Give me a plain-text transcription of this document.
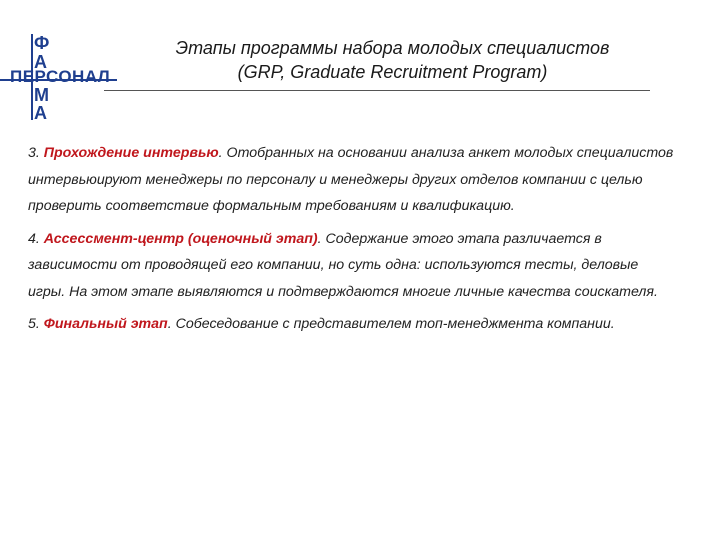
Ф
А
ПЕРСОНАЛ
М
А
Этапы программы набора молодых специалистов
(GRP, Graduate Recruitment Program)

3. Прохождение интервью. Отобранных на основании анализа анкет молодых специалистов интервьюируют менеджеры по персоналу и менеджеры других отделов компании с целью проверить соответствие формальным требованиям и квалификацию.

4. Ассессмент-центр (оценочный этап). Содержание этого этапа различается в зависимости от проводящей его компании, но суть одна: используются тесты, деловые игры. На этом этапе выявляются и подтверждаются многие личные качества соискателя.

5. Финальный этап. Собеседование с представителем топ-менеджмента компании.
